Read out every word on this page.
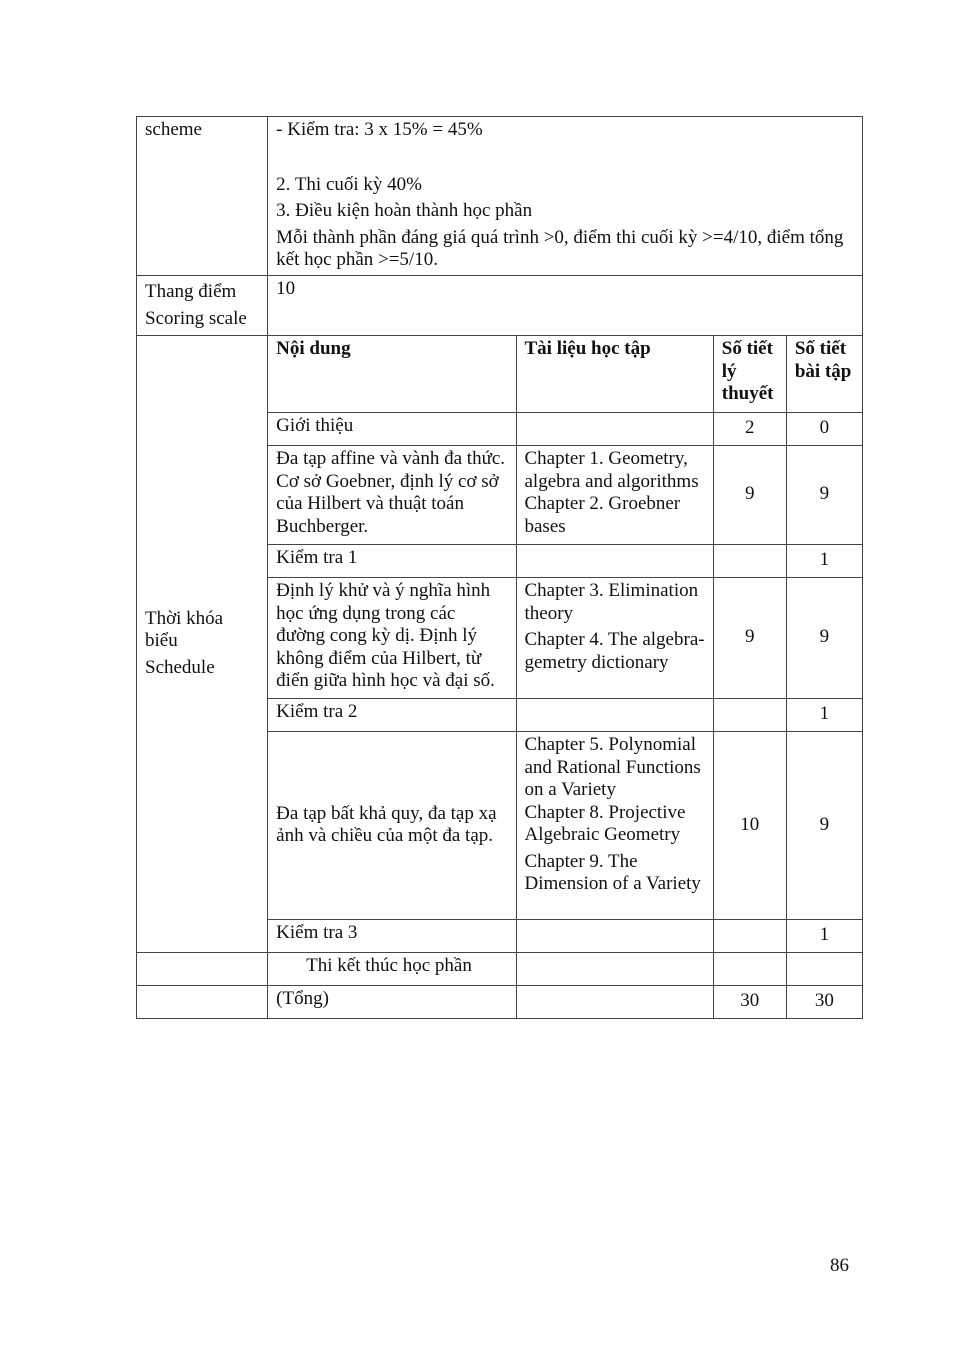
scheme	- Kiểm tra: 3 x 15% = 45%

2. Thi cuối kỳ 40%

3. Điều kiện hoàn thành học phần

Mỗi thành phần đáng giá quá trình >0, điểm thi cuối kỳ >=4/10, điểm tổng kết học phần >=5/10.			

Thang điểm

Scoring scale	10			

Thời khóa biểu

Schedule	Nội dung	Tài liệu học tập	Số tiết lý thuyết	Số tiết bài tập
	Giới thiệu		2	0
	Đa tạp affine và vành đa thức. Cơ sở Goebner, định lý cơ sở của Hilbert và thuật toán Buchberger.	Chapter 1. Geometry, algebra and algorithms

Chapter 2. Groebner bases	9	9
	Kiểm tra 1			1
	Định lý khử và ý nghĩa hình học ứng dụng trong các đường cong kỳ dị. Định lý không điểm của Hilbert, từ điển giữa hình học và đại số.	Chapter 3. Elimination theory

Chapter 4. The algebra-gemetry dictionary	9	9
	Kiểm tra 2			1
	Đa tạp bất khả quy, đa tạp xạ ảnh và chiều của một đa tạp.	Chapter 5. Polynomial and Rational Functions on a Variety

Chapter 8. Projective Algebraic Geometry

Chapter 9. The Dimension of a Variety	10	9
	Kiểm tra 3			1
	Thi kết thúc học phần			
	(Tổng)		30	30
86
